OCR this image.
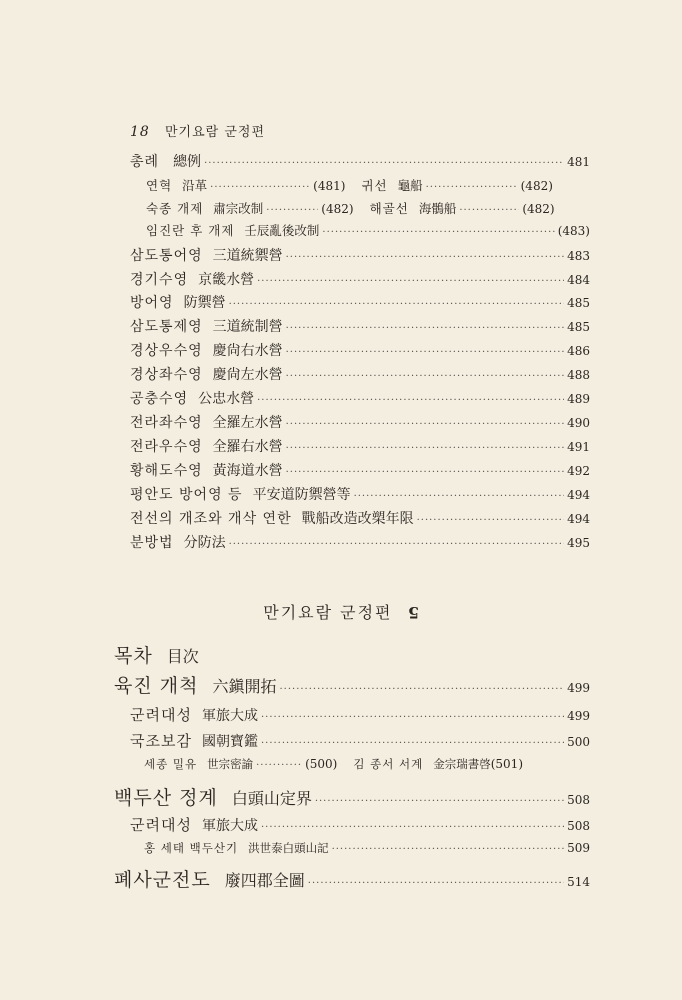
18 만기요람 군정편
총례 總例 ·····	481
연혁 沿革 ·····	(481) 귀선 龜船 ·····	(482)
숙종 개제 肅宗改制 ·····	(482) 해골선 海鶻船 ·····	(482)
임진란 후 개제 壬辰亂後改制 ·····	(483)
삼도통어영 三道統禦營 ·····	483
경기수영 京畿水營 ·····	484
방어영 防禦營 ·····	485
삼도통제영 三道統制營 ·····	485
경상우수영 慶尙右水營 ·····	486
경상좌수영 慶尙左水營 ·····	488
공충수영 公忠水營 ·····	489
전라좌수영 全羅左水營 ·····	490
전라우수영 全羅右水營 ·····	491
황해도수영 黃海道水營 ·····	492
평안도 방어영 등 平安道防禦營等 ·····	494
전선의 개조와 개삭 연한 戰船改造改槊年限 ·····	494
분방법 分防法 ·····	495
만기요람 군정편 5
목차 目次
육진 개척 六鎭開拓 ·····	499
군려대성 軍旅大成 ·····	499
국조보감 國朝寶鑑 ·····	500
세종 밀유 世宗密諭 ·····	(500) 김 종서 서계 金宗瑞書啓 (501)
백두산 정계 白頭山定界 ·····	508
군려대성 軍旅大成 ·····	508
홍 세태 백두산기 洪世泰白頭山記 ·····	509
폐사군전도 廢四郡全圖 ·····	514
